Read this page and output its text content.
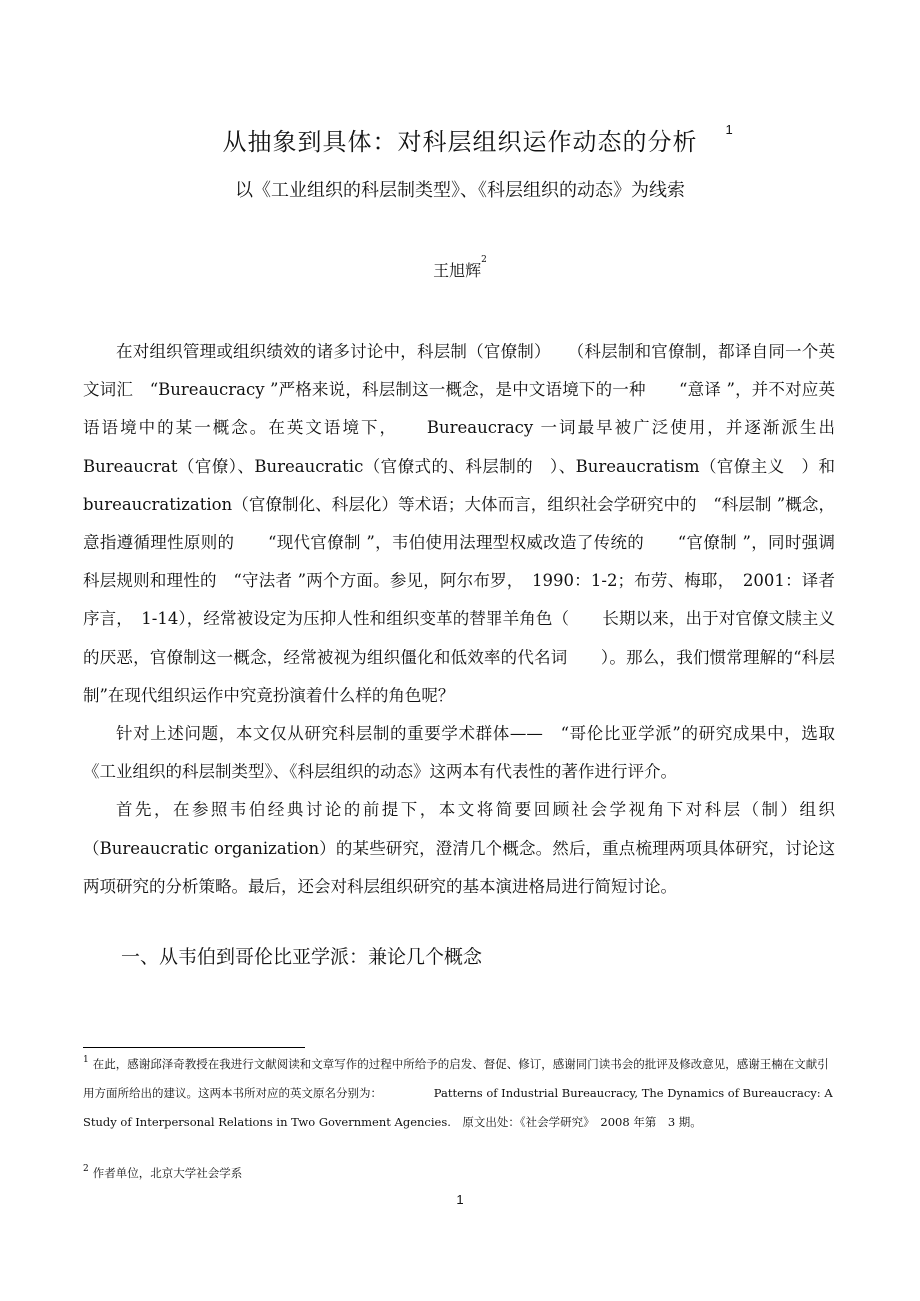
从抽象到具体：对科层组织运作动态的分析 1
以《工业组织的科层制类型》、《科层组织的动态》为线索
王旭辉$^2$

在对组织管理或组织绩效的诸多讨论中，科层制（官僚制）　　（科层制和官僚制，都译自同一个英文词汇　“Bureaucracy ”严格来说，科层制这一概念，是中文语境下的一种　　“意译 ”，并不对应英语语境中的某一概念。在英文语境下，　　Bureaucracy 一词最早被广泛使用，并逐渐派生出　Bureaucrat（官僚）、Bureaucratic（官僚式的、科层制的　）、Bureaucratism（官僚主义　）和 bureaucratization（官僚制化、科层化）等术语；大体而言，组织社会学研究中的　“科层制 ”概念，意指遵循理性原则的　　“现代官僚制 ”，韦伯使用法理型权威改造了传统的　　“官僚制 ”，同时强调科层规则和理性的　“守法者 ”两个方面。参见，阿尔布罗，　1990：1-2；布劳、梅耶，　2001：译者序言，　1-14），经常被设定为压抑人性和组织变革的替罪羊角色（　　长期以来，出于对官僚文牍主义的厌恶，官僚制这一概念，经常被视为组织僵化和低效率的代名词　　）。那么，我们惯常理解的“科层制”在现代组织运作中究竟扮演着什么样的角色呢？

针对上述问题，本文仅从研究科层制的重要学术群体——　“哥伦比亚学派”的研究成果中，选取《工业组织的科层制类型》、《科层组织的动态》这两本有代表性的著作进行评介。

首先，在参照韦伯经典讨论的前提下，本文将简要回顾社会学视角下对科层（制）组织（Bureaucratic organization）的某些研究，澄清几个概念。然后，重点梳理两项具体研究，讨论这两项研究的分析策略。最后，还会对科层组织研究的基本演进格局进行简短讨论。

一、从韦伯到哥伦比亚学派：兼论几个概念
$^1$ 在此，感谢邱泽奇教授在我进行文献阅读和文章写作的过程中所给予的启发、督促、修订，感谢同门读书会的批评及修改意见，感谢王楠在文献引用方面所给出的建议。这两本书所对应的英文原名分别为：　　　　　Patterns of Industrial Bureaucracy, The Dynamics of Bureaucracy: A Study of Interpersonal Relations in Two Government Agencies.　原文出处：《社会学研究》　2008 年第　3 期。
$^2$ 作者单位，北京大学社会学系
1
